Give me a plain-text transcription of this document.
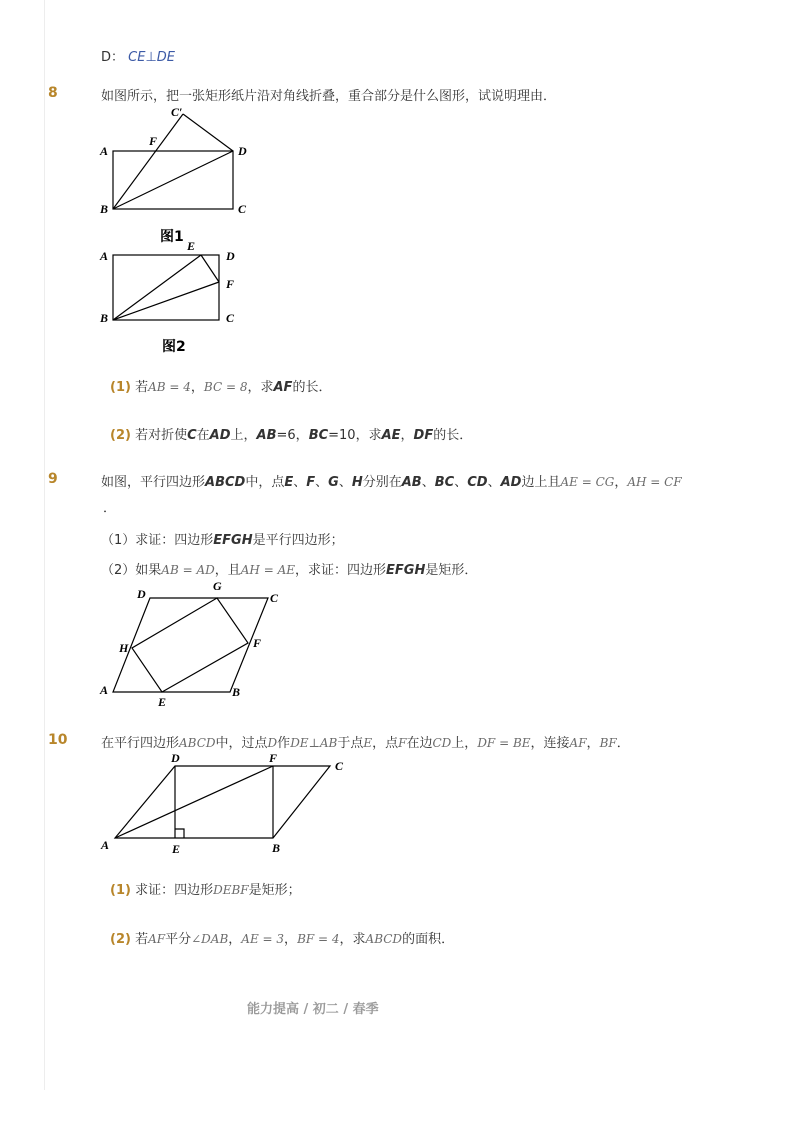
D： CE⊥DE
8	如图所示，把一张矩形纸片沿对角线折叠，重合部分是什么图形，试说明理由．
A
B	C
D
F
C′
图1
A
B	C
D
E
F
图2
(1) 若AB = 4，BC = 8，求AF的长．
(2) 若对折使C在AD上，AB=6，BC=10，求AE，DF的长．
9	如图，平行四边形ABCD中，点E、F、G、H分别在AB、BC、CD、AD边上且AE = CG，AH = CF
．
（1）求证：四边形EFGH是平行四边形；
（2）如果AB = AD，且AH = AE，求证：四边形EFGH是矩形．
A	B
C
D
E
F
G
H
10	在平行四边形ABCD中，过点D作DE⊥AB于点E，点F在边CD上，DF = BE，连接AF，BF．
A	B
C
D
E
F
(1) 求证：四边形DEBF是矩形；
(2) 若AF平分∠DAB，AE = 3，BF = 4，求ABCD的面积．
能力提高 / 初二 / 春季
